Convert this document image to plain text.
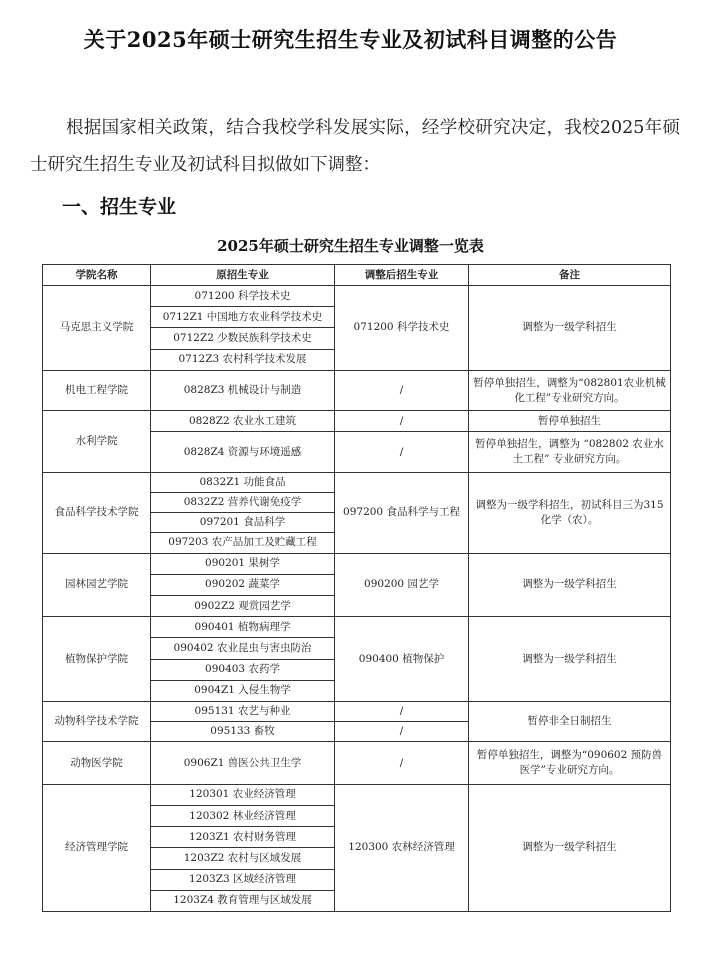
关于2025年硕士研究生招生专业及初试科目调整的公告

根据国家相关政策，结合我校学科发展实际，经学校研究决定，我校2025年硕士研究生招生专业及初试科目拟做如下调整：

一、招生专业
2025年硕士研究生招生专业调整一览表
学院名称	原招生专业	调整后招生专业	备注
马克思主义学院	071200 科学技术史	071200 科学技术史	调整为一级学科招生
	0712Z1 中国地方农业科学技术史		
	0712Z2 少数民族科学技术史		
	0712Z3 农村科学技术发展		
机电工程学院	0828Z3 机械设计与制造	/	暂停单独招生，调整为“082801农业机械化工程”专业研究方向。
水利学院	0828Z2 农业水工建筑	/	暂停单独招生
	0828Z4 资源与环境遥感	/	暂停单独招生，调整为 “082802 农业水土工程” 专业研究方向。
食品科学技术学院	0832Z1 功能食品	097200 食品科学与工程	调整为一级学科招生，初试科目三为315 化学（农）。
	0832Z2 营养代谢免疫学		
	097201 食品科学		
	097203 农产品加工及贮藏工程		
园林园艺学院	090201 果树学	090200 园艺学	调整为一级学科招生
	090202 蔬菜学		
	0902Z2 观赏园艺学		
植物保护学院	090401 植物病理学	090400 植物保护	调整为一级学科招生
	090402 农业昆虫与害虫防治		
	090403 农药学		
	0904Z1 入侵生物学		
动物科学技术学院	095131 农艺与种业	/	暂停非全日制招生
	095133 畜牧	/	
动物医学院	0906Z1 兽医公共卫生学	/	暂停单独招生，调整为“090602 预防兽医学”专业研究方向。
经济管理学院	120301 农业经济管理	120300 农林经济管理	调整为一级学科招生
	120302 林业经济管理		
	1203Z1 农村财务管理		
	1203Z2 农村与区域发展		
	1203Z3 区域经济管理		
	1203Z4 教育管理与区域发展		
